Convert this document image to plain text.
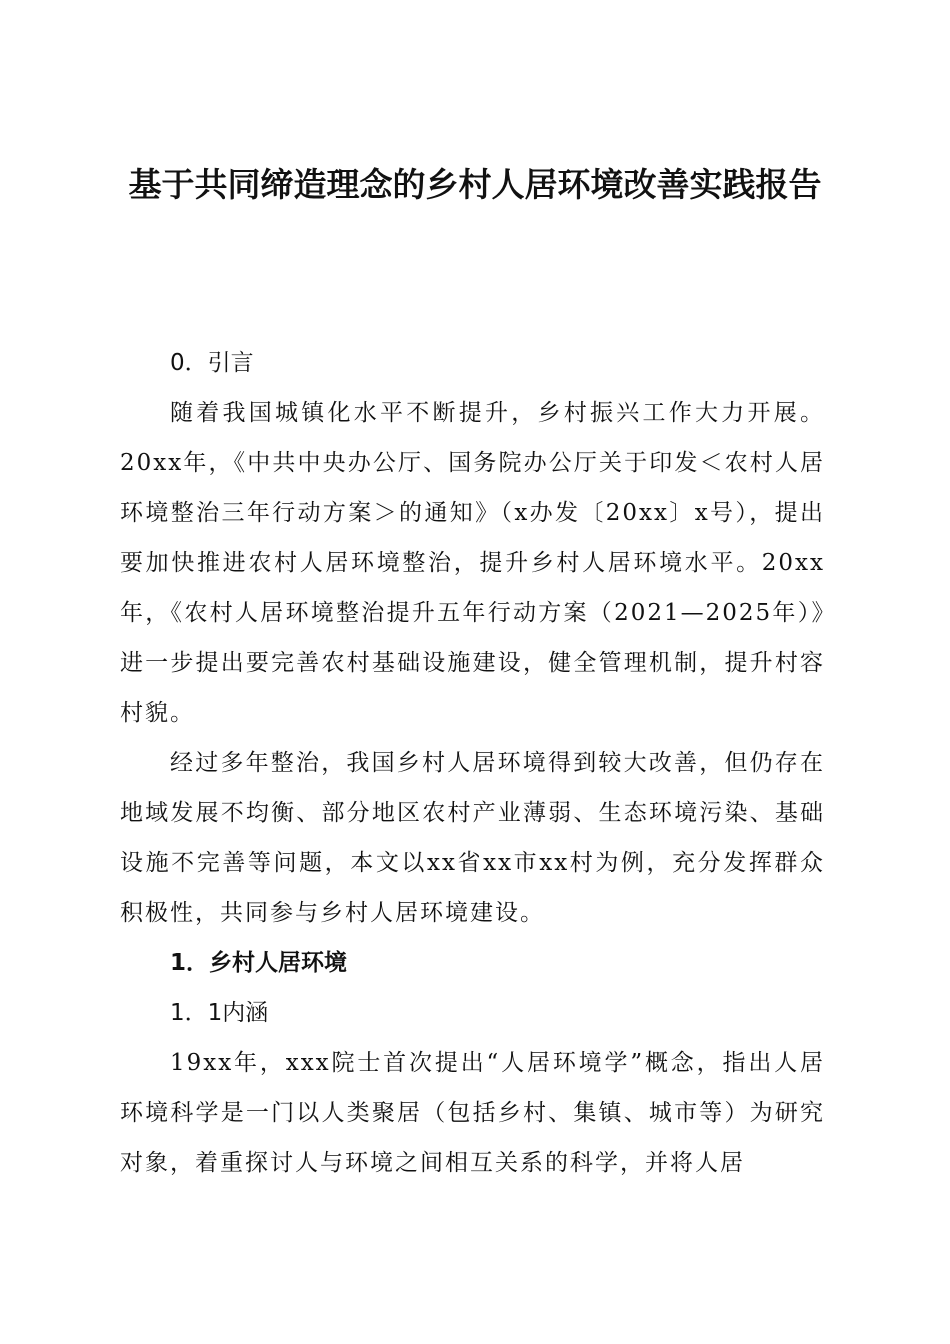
基于共同缔造理念的乡村人居环境改善实践报告

0．引言

随着我国城镇化水平不断提升，乡村振兴工作大力开展。20xx年，《中共中央办公厅、国务院办公厅关于印发＜农村人居环境整治三年行动方案＞的通知》（x办发〔20xx〕x号），提出要加快推进农村人居环境整治，提升乡村人居环境水平。20xx年，《农村人居环境整治提升五年行动方案（2021—2025年）》进一步提出要完善农村基础设施建设，健全管理机制，提升村容村貌。

经过多年整治，我国乡村人居环境得到较大改善，但仍存在地域发展不均衡、部分地区农村产业薄弱、生态环境污染、基础设施不完善等问题，本文以xx省xx市xx村为例，充分发挥群众积极性，共同参与乡村人居环境建设。

1．乡村人居环境

1．1内涵

19xx年，xxx院士首次提出“人居环境学”概念，指出人居环境科学是一门以人类聚居（包括乡村、集镇、城市等）为研究对象，着重探讨人与环境之间相互关系的科学，并将人居
